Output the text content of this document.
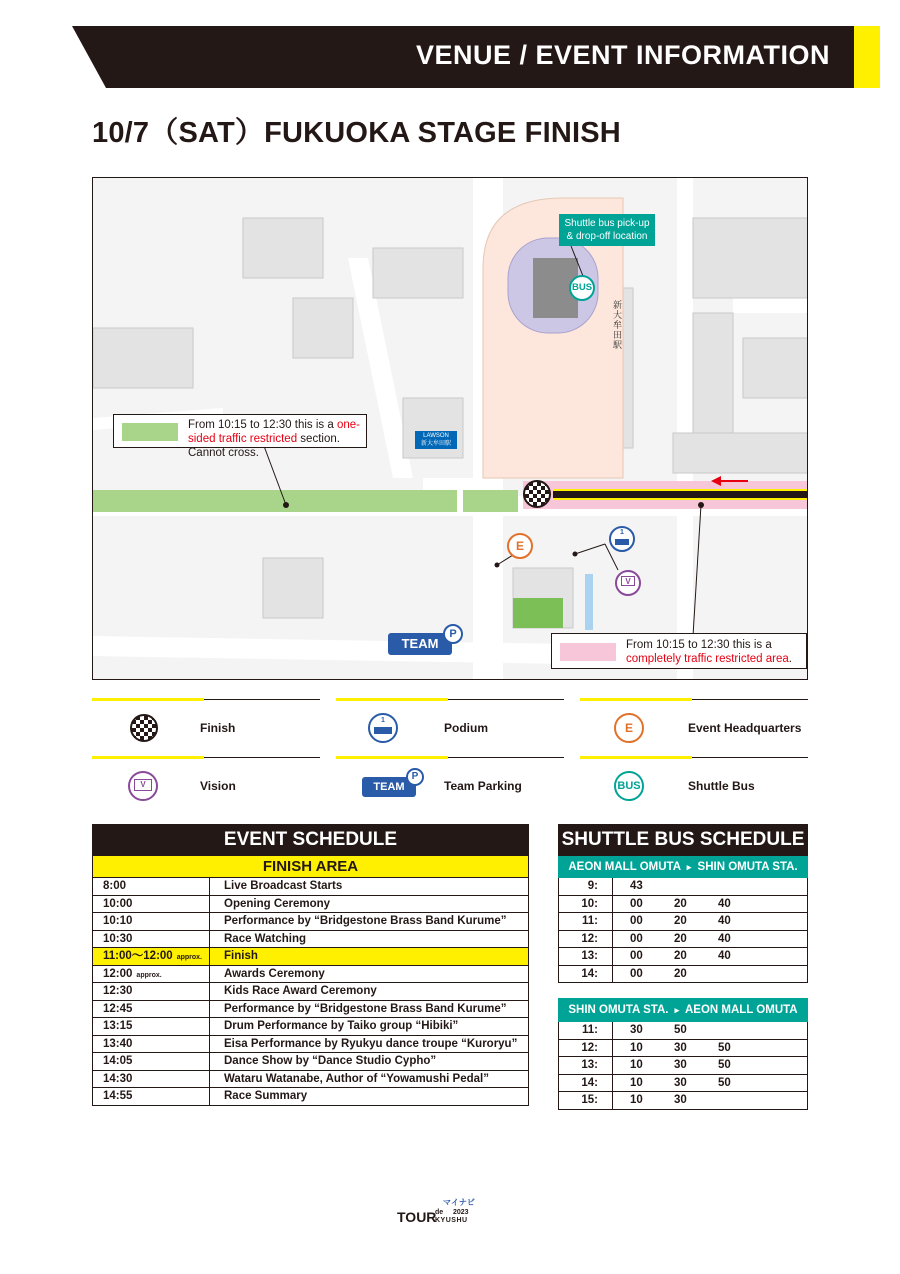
VENUE / EVENT INFORMATION
10/7（SAT）FUKUOKA STAGE FINISH
From 10:15 to 12:30 this is a one-sided traffic restricted section. Cannot cross.
From 10:15 to 12:30 this is a completely traffic restricted area.
Shuttle bus pick-up
& drop-off location
BUS
LAWSON
新大牟田駅
新大牟田駅
E
1
V
TEAM
P
Finish
1
Podium	E	Event Headquarters
V	Vision	TEAM
P
Team Parking	BUS	Shuttle Bus
EVENT SCHEDULE
FINISH AREA
8:00	Live Broadcast Starts
10:00	Opening Ceremony
10:10	Performance by “Bridgestone Brass Band Kurume”
10:30	Race Watching
11:00〜12:00 approx.	Finish
12:00 approx.	Awards Ceremony
12:30	Kids Race Award Ceremony
12:45	Performance by “Bridgestone Brass Band Kurume”
13:15	Drum Performance by Taiko group “Hibiki”
13:40	Eisa Performance by Ryukyu dance troupe “Kuroryu”
14:05	Dance Show by “Dance Studio Cypho”
14:30	Wataru Watanabe, Author of “Yowamushi Pedal”
14:55	Race Summary
SHUTTLE BUS SCHEDULE
AEON MALL OMUTA ▸ SHIN OMUTA STA.
9:	43
10:	00	20	40
11:	00	20	40
12:	00	20	40
13:	00	20	40
14:	00	20
SHIN OMUTA STA. ▸ AEON MALL OMUTA
11:	30	50
12:	10	30	50
13:	10	30	50
14:	10	30	50
15:	10	30
マイナビ
TOUR
de 2023
KYUSHU
